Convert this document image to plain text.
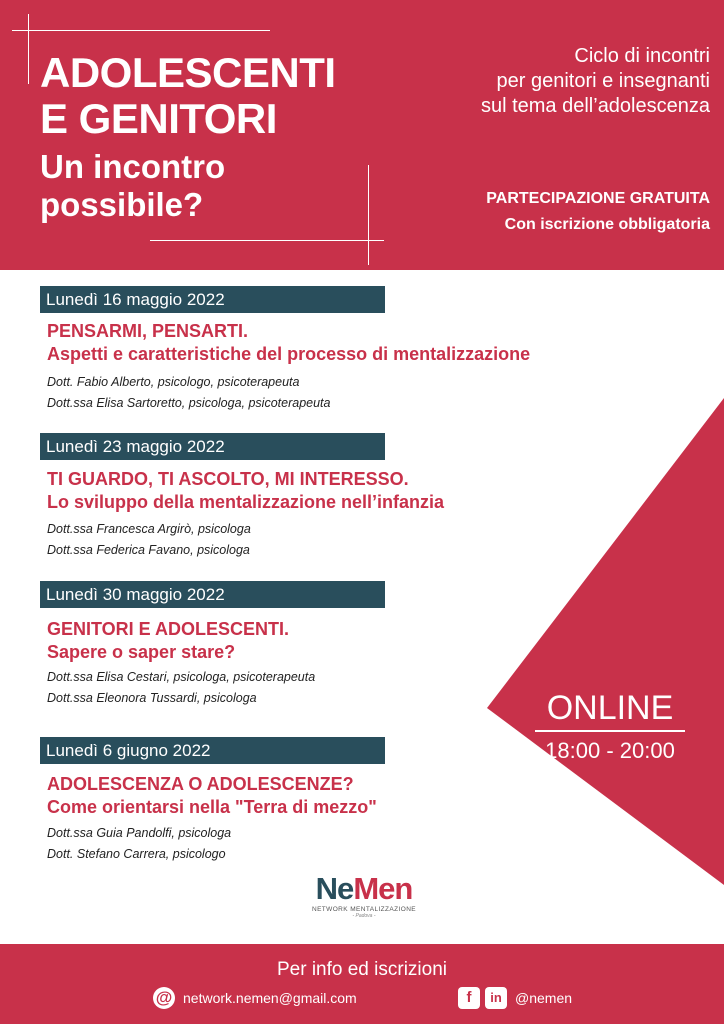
ADOLESCENTI
E GENITORI
Un incontro
possibile?
Ciclo di incontri
per genitori e insegnanti
sul tema dell’adolescenza
PARTECIPAZIONE GRATUITA
Con iscrizione obbligatoria
Lunedì 16 maggio 2022
PENSARMI, PENSARTI.
Aspetti e caratteristiche del processo di mentalizzazione
Dott. Fabio Alberto, psicologo, psicoterapeuta
Dott.ssa Elisa Sartoretto, psicologa, psicoterapeuta
Lunedì 23 maggio 2022
TI GUARDO, TI ASCOLTO, MI INTERESSO.
Lo sviluppo della mentalizzazione nell’infanzia
Dott.ssa Francesca Argirò, psicologa
Dott.ssa Federica Favano, psicologa
Lunedì 30 maggio 2022
GENITORI E ADOLESCENTI.
Sapere o saper stare?
Dott.ssa Elisa Cestari, psicologa, psicoterapeuta
Dott.ssa Eleonora Tussardi, psicologa
Lunedì 6 giugno 2022
ADOLESCENZA O ADOLESCENZE?
Come orientarsi nella "Terra di mezzo"
Dott.ssa Guia Pandolfi, psicologa
Dott. Stefano Carrera, psicologo
ONLINE
18:00 - 20:00
NeMen
NETWORK MENTALIZZAZIONE
- Padova -
Per info ed iscrizioni
@ network.nemen@gmail.com	f	in @nemen
